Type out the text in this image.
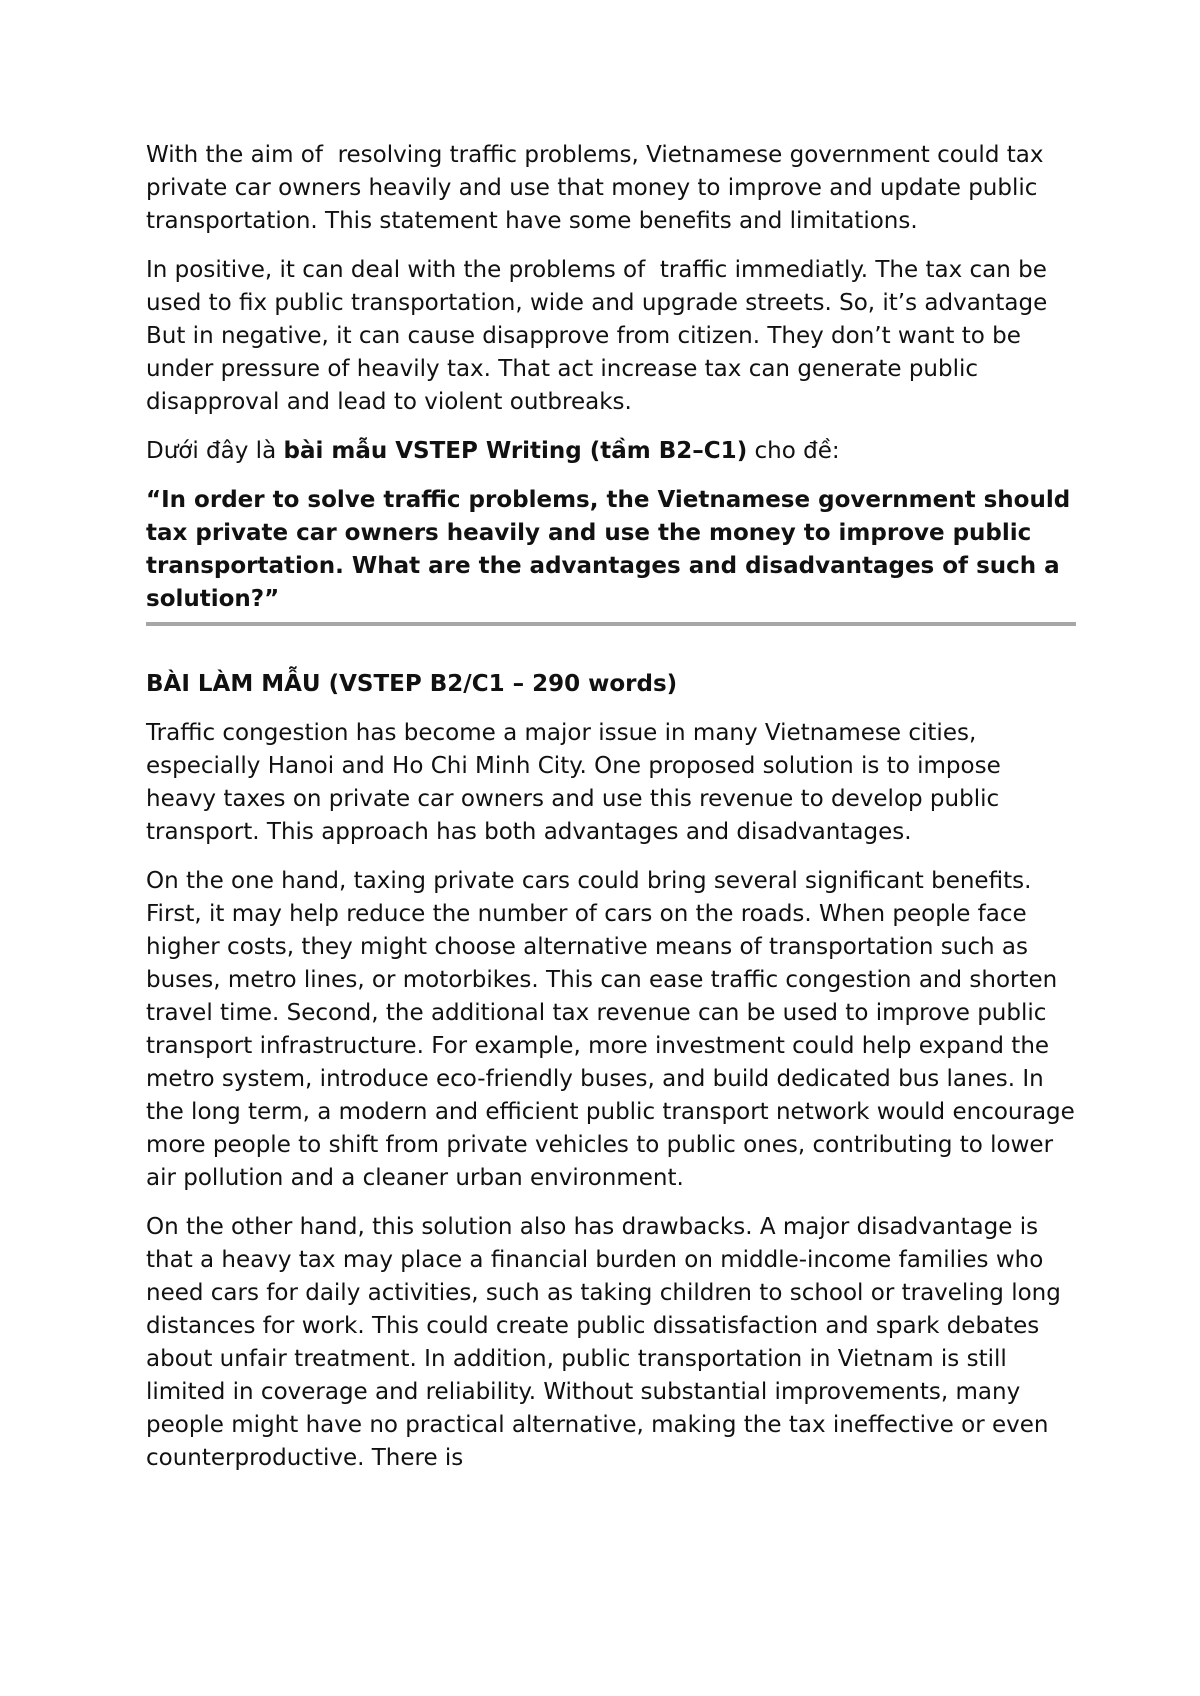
With the aim of  resolving traffic problems, Vietnamese government could tax private car owners heavily and use that money to improve and update public transportation. This statement have some benefits and limitations.

In positive, it can deal with the problems of  traffic immediatly. The tax can be used to fix public transportation, wide and upgrade streets. So, it’s advantage But in negative, it can cause disapprove from citizen. They don’t want to be under pressure of heavily tax. That act increase tax can generate public disapproval and lead to violent outbreaks.

Dưới đây là bài mẫu VSTEP Writing (tầm B2–C1) cho đề:

“In order to solve traffic problems, the Vietnamese government should tax private car owners heavily and use the money to improve public transportation. What are the advantages and disadvantages of such a solution?”

BÀI LÀM MẪU (VSTEP B2/C1 – 290 words)

Traffic congestion has become a major issue in many Vietnamese cities, especially Hanoi and Ho Chi Minh City. One proposed solution is to impose heavy taxes on private car owners and use this revenue to develop public transport. This approach has both advantages and disadvantages.

On the one hand, taxing private cars could bring several significant benefits. First, it may help reduce the number of cars on the roads. When people face higher costs, they might choose alternative means of transportation such as buses, metro lines, or motorbikes. This can ease traffic congestion and shorten travel time. Second, the additional tax revenue can be used to improve public transport infrastructure. For example, more investment could help expand the metro system, introduce eco-friendly buses, and build dedicated bus lanes. In the long term, a modern and efficient public transport network would encourage more people to shift from private vehicles to public ones, contributing to lower air pollution and a cleaner urban environment.

On the other hand, this solution also has drawbacks. A major disadvantage is that a heavy tax may place a financial burden on middle-income families who need cars for daily activities, such as taking children to school or traveling long distances for work. This could create public dissatisfaction and spark debates about unfair treatment. In addition, public transportation in Vietnam is still limited in coverage and reliability. Without substantial improvements, many people might have no practical alternative, making the tax ineffective or even counterproductive. There is
